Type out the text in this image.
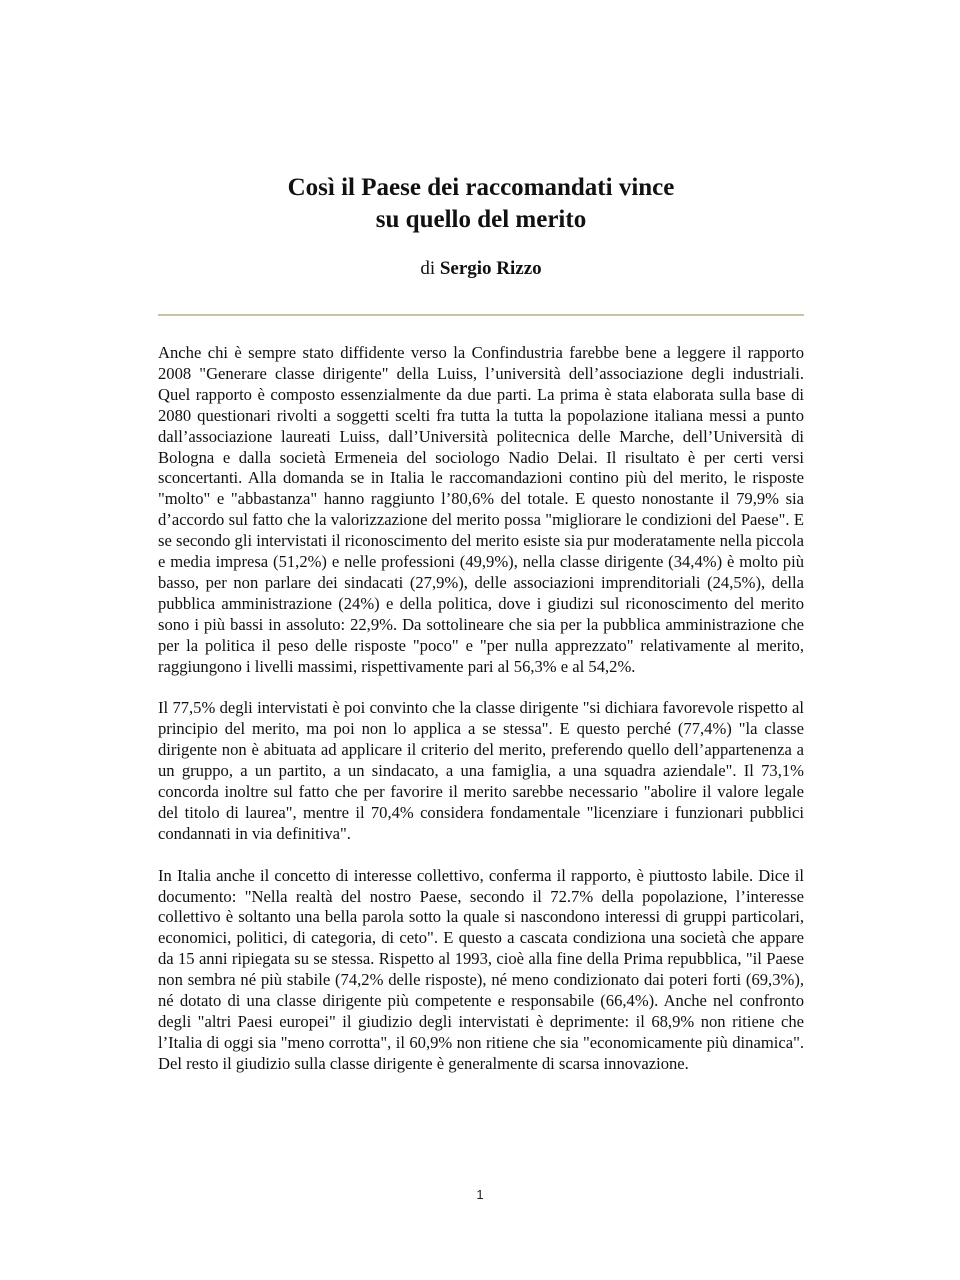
Così il Paese dei raccomandati vince
su quello del merito
di Sergio Rizzo

Anche chi è sempre stato diffidente verso la Confindustria farebbe bene a leggere il rapporto 2008 "Generare classe dirigente" della Luiss, l’università dell’associazione degli industriali. Quel rapporto è composto essenzialmente da due parti. La prima è stata elaborata sulla base di 2080 questionari rivolti a soggetti scelti fra tutta la tutta la popolazione italiana messi a punto dall’associazione laureati Luiss, dall’Università politecnica delle Marche, dell’Università di Bologna e dalla società Ermeneia del sociologo Nadio Delai. Il risultato è per certi versi sconcertanti. Alla domanda se in Italia le raccomandazioni contino più del merito, le risposte "molto" e "abbastanza" hanno raggiunto l’80,6% del totale. E questo nonostante il 79,9% sia d’accordo sul fatto che la valorizzazione del merito possa "migliorare le condizioni del Paese". E se secondo gli intervistati il riconoscimento del merito esiste sia pur moderatamente nella piccola e media impresa (51,2%) e nelle professioni (49,9%), nella classe dirigente (34,4%) è molto più basso, per non parlare dei sindacati (27,9%), delle associazioni imprenditoriali (24,5%), della pubblica amministrazione (24%) e della politica, dove i giudizi sul riconoscimento del merito sono i più bassi in assoluto: 22,9%. Da sottolineare che sia per la pubblica amministrazione che per la politica il peso delle risposte "poco" e "per nulla apprezzato" relativamente al merito, raggiungono i livelli massimi, rispettivamente pari al 56,3% e al 54,2%.

Il 77,5% degli intervistati è poi convinto che la classe dirigente "si dichiara favorevole rispetto al principio del merito, ma poi non lo applica a se stessa". E questo perché (77,4%) "la classe dirigente non è abituata ad applicare il criterio del merito, preferendo quello dell’appartenenza a un gruppo, a un partito, a un sindacato, a una famiglia, a una squadra aziendale". Il 73,1% concorda inoltre sul fatto che per favorire il merito sarebbe necessario "abolire il valore legale del titolo di laurea", mentre il 70,4% considera fondamentale "licenziare i funzionari pubblici condannati in via definitiva".

In Italia anche il concetto di interesse collettivo, conferma il rapporto, è piuttosto labile. Dice il documento: "Nella realtà del nostro Paese, secondo il 72.7% della popolazione, l’interesse collettivo è soltanto una bella parola sotto la quale si nascondono interessi di gruppi particolari, economici, politici, di categoria, di ceto". E questo a cascata condiziona una società che appare da 15 anni ripiegata su se stessa. Rispetto al 1993, cioè alla fine della Prima repubblica, "il Paese non sembra né più stabile (74,2% delle risposte), né meno condizionato dai poteri forti (69,3%), né dotato di una classe dirigente più competente e responsabile (66,4%). Anche nel confronto degli "altri Paesi europei" il giudizio degli intervistati è deprimente: il 68,9% non ritiene che l’Italia di oggi sia "meno corrotta", il 60,9% non ritiene che sia "economicamente più dinamica". Del resto il giudizio sulla classe dirigente è generalmente di scarsa innovazione.

1
